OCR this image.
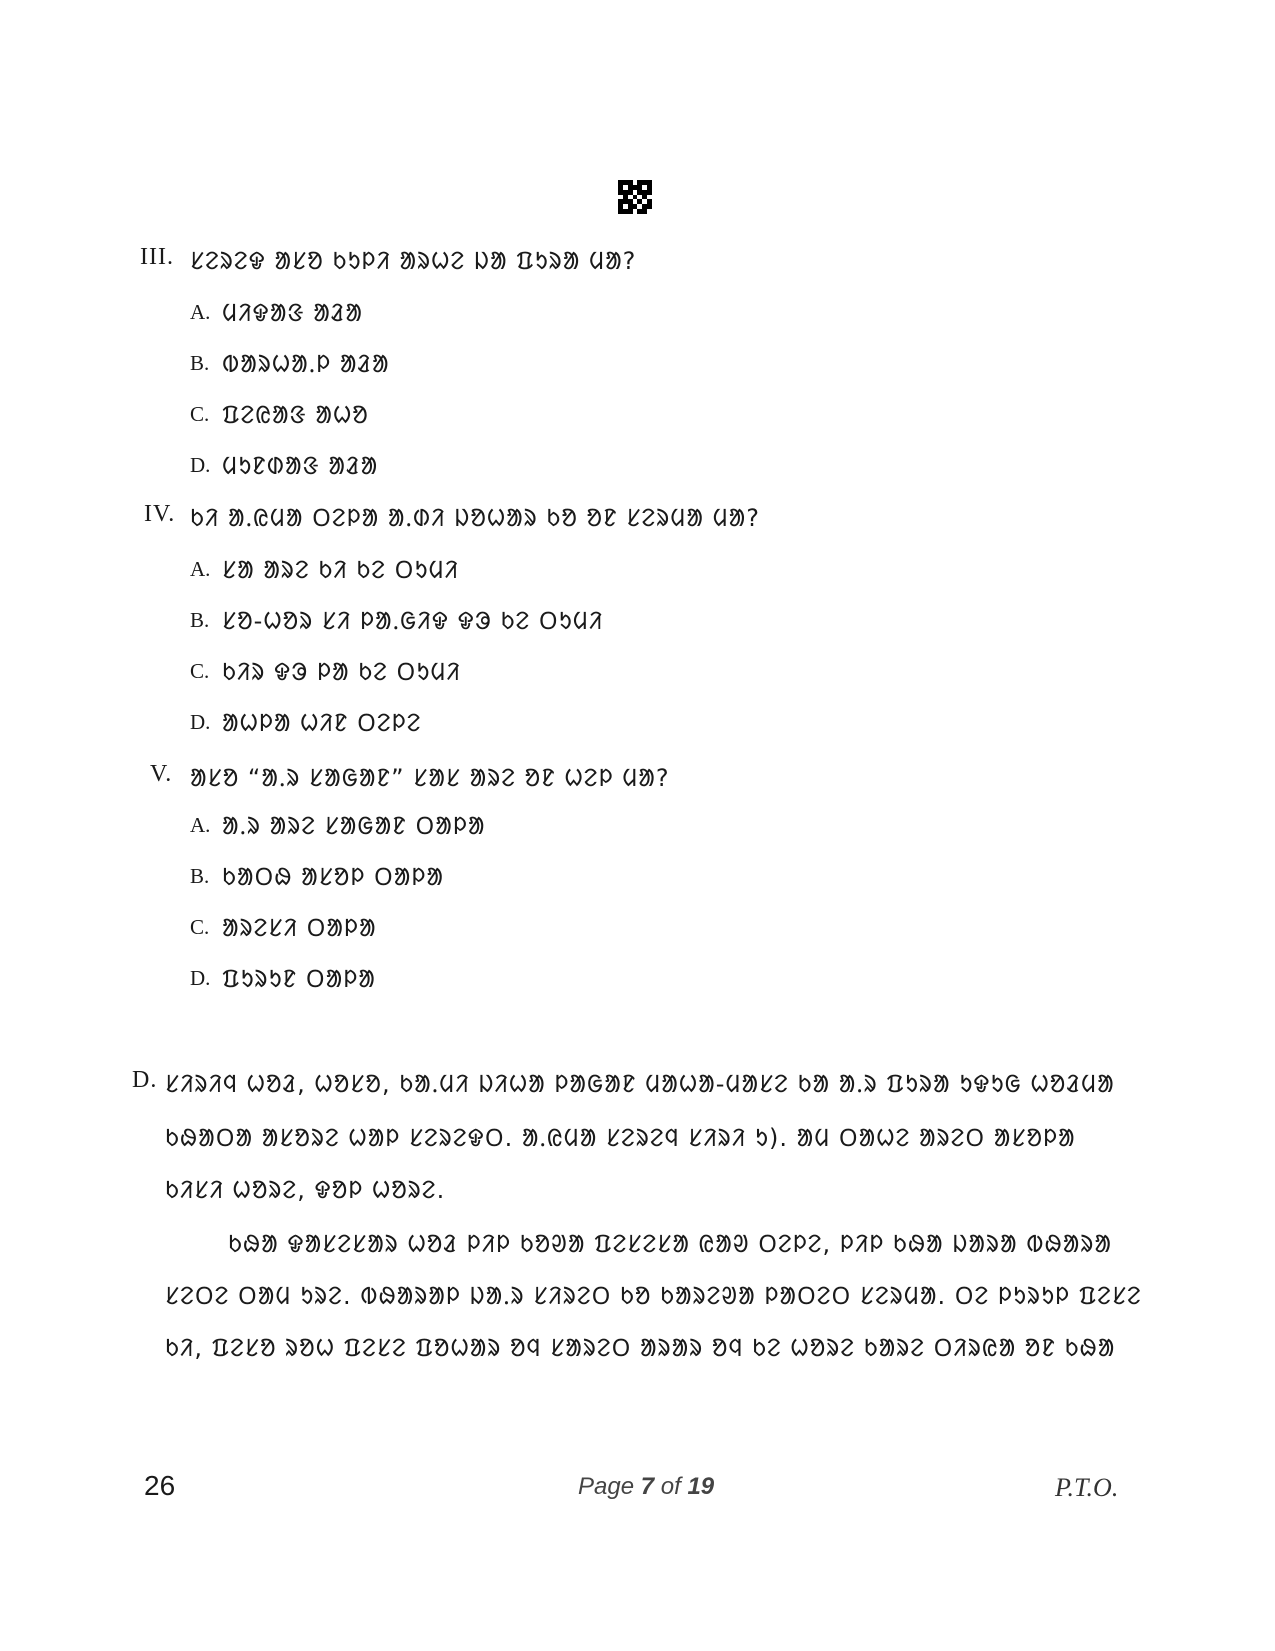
III. ᱥᱮᱨᱮᱫ ᱟᱥᱚ ᱠᱩᱞᱤ ᱟᱨᱦᱮ ᱡᱟ ᱯᱩᱨᱟ ᱢᱟ?
A. ᱢᱤᱫᱟᱝ ᱟᱲᱟ
B. ᱵᱟᱨᱦᱟᱹᱞ ᱟᱲᱟ
C. ᱯᱮᱭᱟᱝ ᱟᱦᱚ
D. ᱢᱩᱱᱰᱟᱝ ᱟᱲᱟ
IV. ᱠᱤ ᱟᱹᱭᱢᱟ ᱛᱮᱞᱟ ᱟᱹᱰᱤ ᱡᱚᱦᱟᱨ ᱠᱚ ᱚᱱ ᱥᱮᱨᱢᱟ ᱢᱟ?
A. ᱥᱟ ᱟᱨᱮ ᱠᱤ ᱠᱮ ᱛᱩᱢᱤ
B. ᱥᱚ-ᱦᱚᱨ ᱥᱤ ᱞᱟᱹᱜᱤᱫ ᱫᱳ ᱠᱮ ᱛᱩᱢᱤ
C. ᱠᱤᱨ ᱫᱳ ᱞᱟ ᱠᱮ ᱛᱩᱢᱤ
D. ᱟᱦᱞᱟ ᱦᱤᱱ ᱛᱮᱞᱮ
V. ᱟᱥᱚ “ᱟᱹᱨ ᱥᱟᱜᱟᱱ” ᱥᱟᱥ ᱟᱨᱮ ᱚᱱ ᱦᱮᱞ ᱢᱟ?
A. ᱟᱹᱨ ᱟᱨᱮ ᱥᱟᱜᱟᱱ ᱛᱟᱞᱟ
B. ᱠᱟᱛᱷ ᱟᱥᱚᱞ ᱛᱟᱞᱟ
C. ᱟᱨᱮᱥᱤ ᱛᱟᱞᱟ
D. ᱯᱩᱨᱩᱱ ᱛᱟᱞᱟ
D. ᱥᱤᱨᱤᱧ ᱦᱚᱲ, ᱦᱚᱥᱚ, ᱠᱟᱹᱢᱤ ᱡᱤᱦᱟ ᱞᱟᱜᱟᱱ ᱢᱟᱦᱟ-ᱢᱟᱥᱮ ᱠᱟ ᱟᱹᱨ ᱯᱩᱨᱟ ᱩᱫᱩᱜ ᱦᱚᱲᱢᱟ
ᱠᱷᱟᱛᱟ ᱟᱥᱚᱨᱮ ᱦᱟᱞ ᱥᱮᱨᱮᱫᱛ. ᱟᱹᱭᱢᱟ ᱥᱮᱨᱮᱧ ᱥᱤᱨᱤ ᱩ). ᱟᱢ ᱛᱟᱦᱮ ᱟᱨᱮᱛ ᱟᱥᱚᱞᱟ
ᱠᱤᱥᱤ ᱦᱚᱨᱮ, ᱫᱚᱞ ᱦᱚᱨᱮ.
ᱠᱷᱟ ᱫᱟᱥᱮᱥᱟᱨ ᱦᱚᱲ ᱞᱤᱞ ᱠᱚᱣᱟ ᱯᱮᱥᱮᱥᱟ ᱭᱟᱣ ᱛᱮᱞᱮ, ᱞᱤᱞ ᱠᱷᱟ ᱡᱟᱨᱟ ᱵᱷᱟᱨᱟ
ᱥᱮᱛᱮ ᱛᱟᱢ ᱩᱨᱮ. ᱵᱷᱟᱨᱟᱞ ᱡᱟᱹᱨ ᱥᱤᱨᱮᱛ ᱠᱚ ᱠᱟᱨᱮᱣᱟ ᱞᱟᱛᱮᱛ ᱥᱮᱨᱢᱟ. ᱛᱮ ᱞᱩᱨᱩᱞ ᱯᱮᱥᱮ
ᱠᱤ, ᱯᱮᱥᱚ ᱨᱚᱦ ᱯᱮᱥᱮ ᱯᱚᱦᱟᱨ ᱚᱧ ᱥᱟᱨᱮᱛ ᱟᱨᱟᱨ ᱚᱧ ᱠᱮ ᱦᱚᱨᱮ ᱠᱟᱨᱮ ᱛᱤᱨᱭᱟ ᱚᱱ ᱠᱷᱟ
26	Page 7 of 19	P.T.O.
